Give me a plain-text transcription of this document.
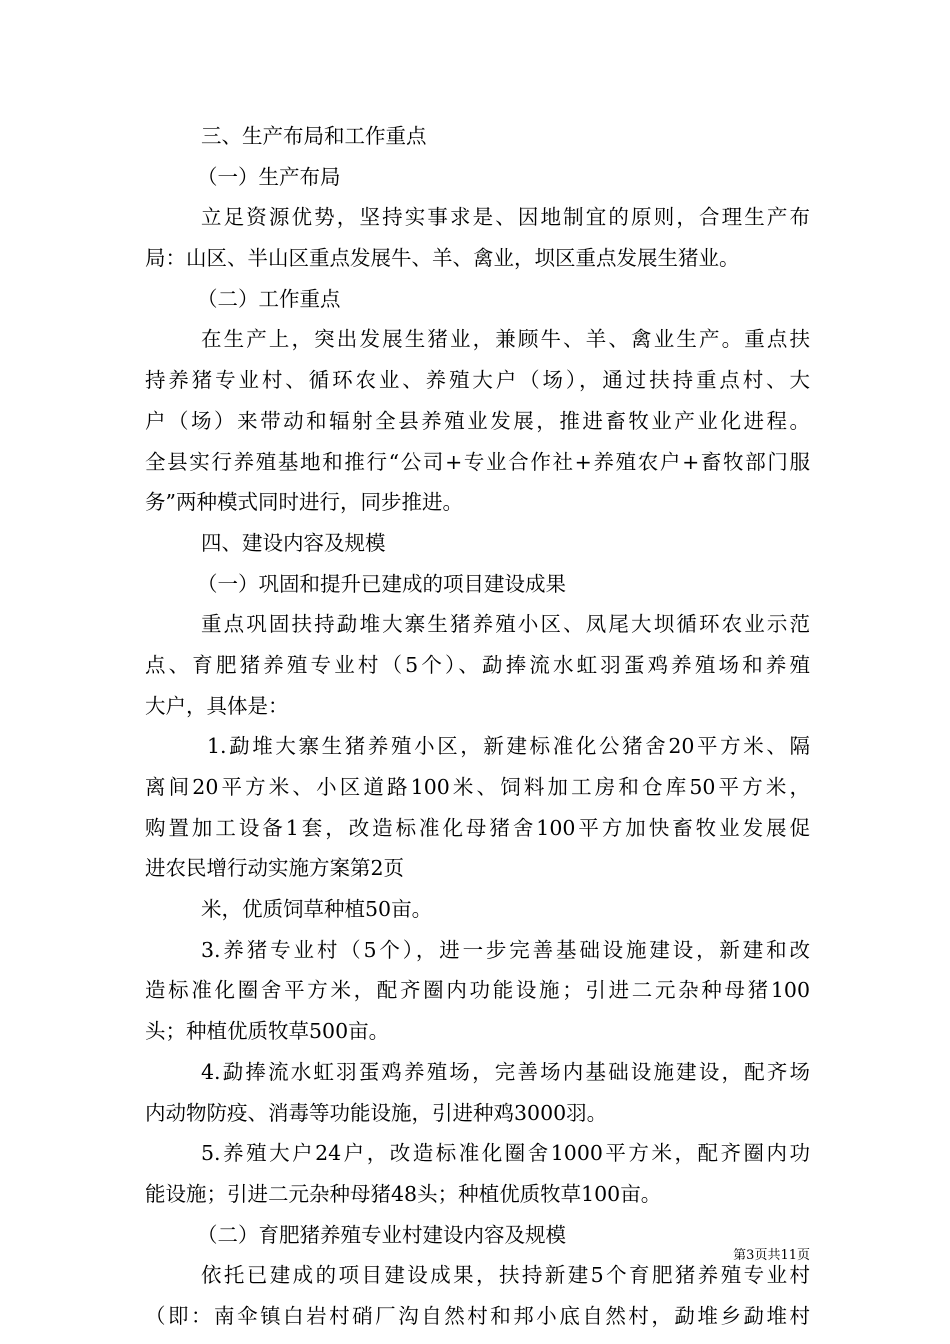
三、生产布局和工作重点
（一）生产布局
立足资源优势，坚持实事求是、因地制宜的原则，合理生产布
局：山区、半山区重点发展牛、羊、禽业，坝区重点发展生猪业。
（二）工作重点
在生产上，突出发展生猪业，兼顾牛、羊、禽业生产。重点扶
持养猪专业村、循环农业、养殖大户（场），通过扶持重点村、大
户（场）来带动和辐射全县养殖业发展，推进畜牧业产业化进程。
全县实行养殖基地和推行“公司+专业合作社+养殖农户+畜牧部门服
务”两种模式同时进行，同步推进。
四、建设内容及规模
（一）巩固和提升已建成的项目建设成果
重点巩固扶持勐堆大寨生猪养殖小区、凤尾大坝循环农业示范
点、育肥猪养殖专业村（5个）、勐捧流水虹羽蛋鸡养殖场和养殖
大户，具体是：
1.勐堆大寨生猪养殖小区，新建标准化公猪舍20平方米、隔
离间20平方米、小区道路100米、饲料加工房和仓库50平方米，
购置加工设备1套，改造标准化母猪舍100平方加快畜牧业发展促
进农民增行动实施方案第2页
米，优质饲草种植50亩。
3.养猪专业村（5个），进一步完善基础设施建设，新建和改
造标准化圈舍平方米，配齐圈内功能设施；引进二元杂种母猪100
头；种植优质牧草500亩。
4.勐捧流水虹羽蛋鸡养殖场，完善场内基础设施建设，配齐场
内动物防疫、消毒等功能设施，引进种鸡3000羽。
5.养殖大户24户，改造标准化圈舍1000平方米，配齐圈内功
能设施；引进二元杂种母猪48头；种植优质牧草100亩。
（二）育肥猪养殖专业村建设内容及规模
依托已建成的项目建设成果，扶持新建5个育肥猪养殖专业村
（即：南伞镇白岩村硝厂沟自然村和邦小底自然村，勐堆乡勐堆村
第3页共11页
